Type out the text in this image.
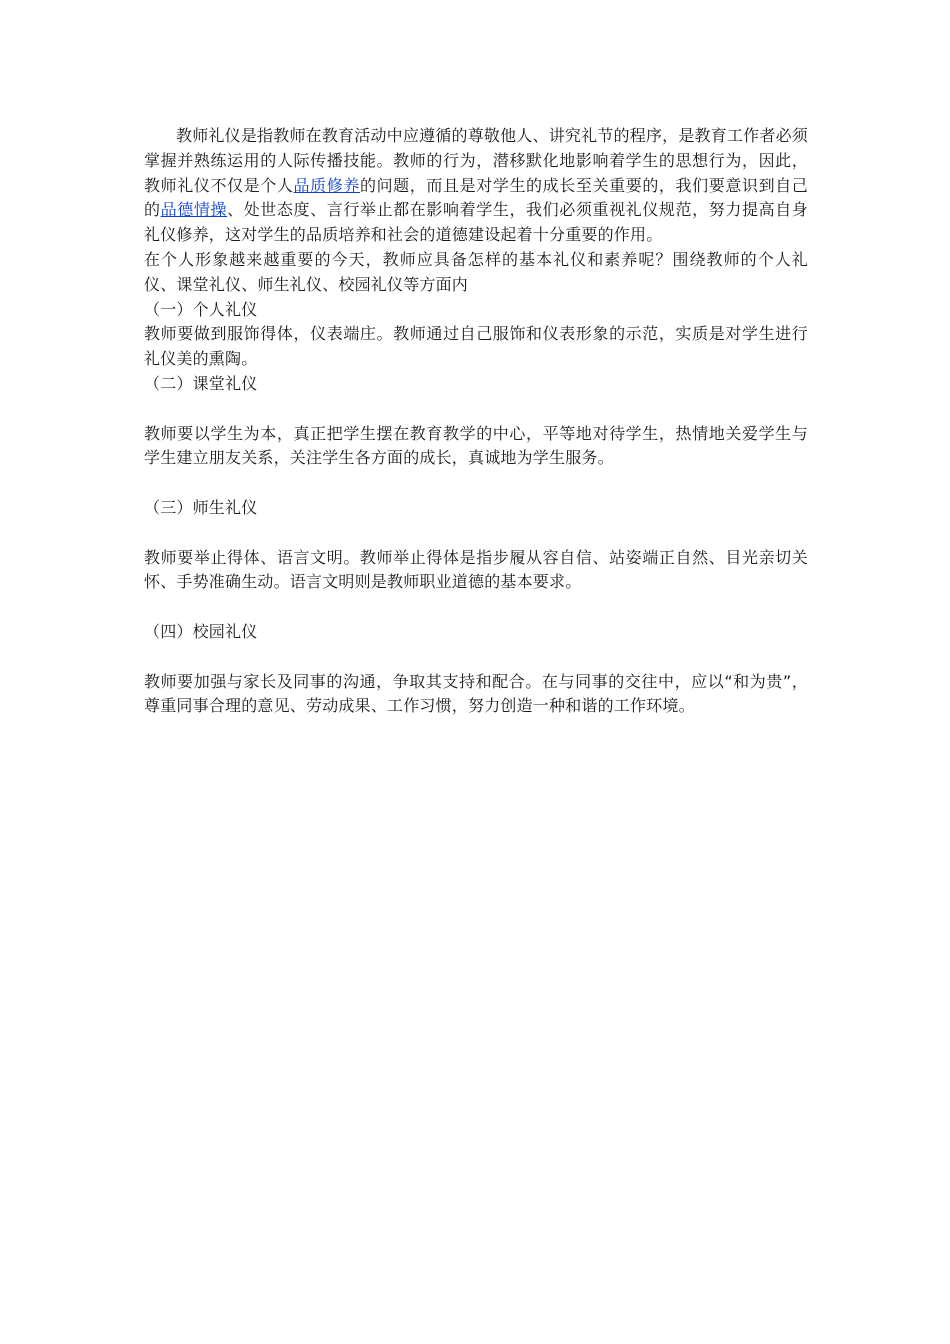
教师礼仪是指教师在教育活动中应遵循的尊敬他人、讲究礼节的程序，是教育工作者必须掌握并熟练运用的人际传播技能。教师的行为，潜移默化地影响着学生的思想行为，因此，教师礼仪不仅是个人品质修养的问题，而且是对学生的成长至关重要的，我们要意识到自己的品德情操、处世态度、言行举止都在影响着学生，我们必须重视礼仪规范，努力提高自身礼仪修养，这对学生的品质培养和社会的道德建设起着十分重要的作用。

在个人形象越来越重要的今天，教师应具备怎样的基本礼仪和素养呢？围绕教师的个人礼仪、课堂礼仪、师生礼仪、校园礼仪等方面内

（一）个人礼仪

教师要做到服饰得体，仪表端庄。教师通过自己服饰和仪表形象的示范，实质是对学生进行礼仪美的熏陶。

（二）课堂礼仪

教师要以学生为本，真正把学生摆在教育教学的中心，平等地对待学生，热情地关爱学生与学生建立朋友关系，关注学生各方面的成长，真诚地为学生服务。

（三）师生礼仪

教师要举止得体、语言文明。教师举止得体是指步履从容自信、站姿端正自然、目光亲切关怀、手势准确生动。语言文明则是教师职业道德的基本要求。

（四）校园礼仪

教师要加强与家长及同事的沟通，争取其支持和配合。在与同事的交往中，应以“和为贵”，尊重同事合理的意见、劳动成果、工作习惯，努力创造一种和谐的工作环境。
